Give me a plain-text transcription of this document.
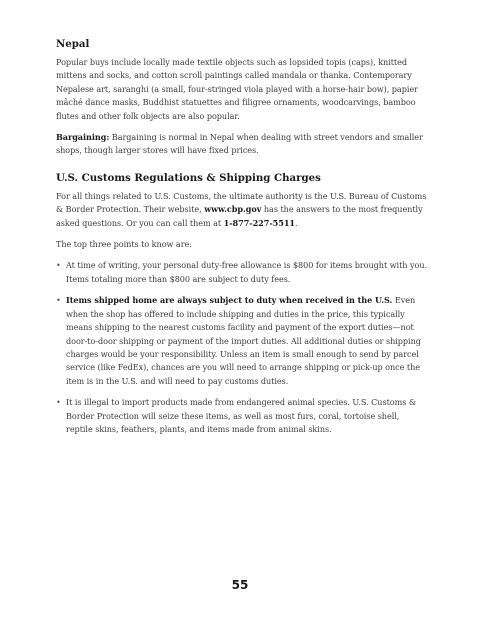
Nepal

Popular buys include locally made textile objects such as lopsided topis (caps), knitted mittens and socks, and cotton scroll paintings called mandala or thanka. Contemporary Nepalese art, saranghi (a small, four-stringed viola played with a horse-hair bow), papier mâché dance masks, Buddhist statuettes and filigree ornaments, woodcarvings, bamboo flutes and other folk objects are also popular.

Bargaining: Bargaining is normal in Nepal when dealing with street vendors and smaller shops, though larger stores will have fixed prices.

U.S. Customs Regulations & Shipping Charges

For all things related to U.S. Customs, the ultimate authority is the U.S. Bureau of Customs & Border Protection. Their website, www.cbp.gov has the answers to the most frequently asked questions. Or you can call them at 1-877-227-5511.

The top three points to know are:

• At time of writing, your personal duty-free allowance is $800 for items brought with you. Items totaling more than $800 are subject to duty fees.
• Items shipped home are always subject to duty when received in the U.S. Even when the shop has offered to include shipping and duties in the price, this typically means shipping to the nearest customs facility and payment of the export duties—not door-to-door shipping or payment of the import duties. All additional duties or shipping charges would be your responsibility. Unless an item is small enough to send by parcel service (like FedEx), chances are you will need to arrange shipping or pick-up once the item is in the U.S. and will need to pay customs duties.
• It is illegal to import products made from endangered animal species. U.S. Customs & Border Protection will seize these items, as well as most furs, coral, tortoise shell, reptile skins, feathers, plants, and items made from animal skins.
55
